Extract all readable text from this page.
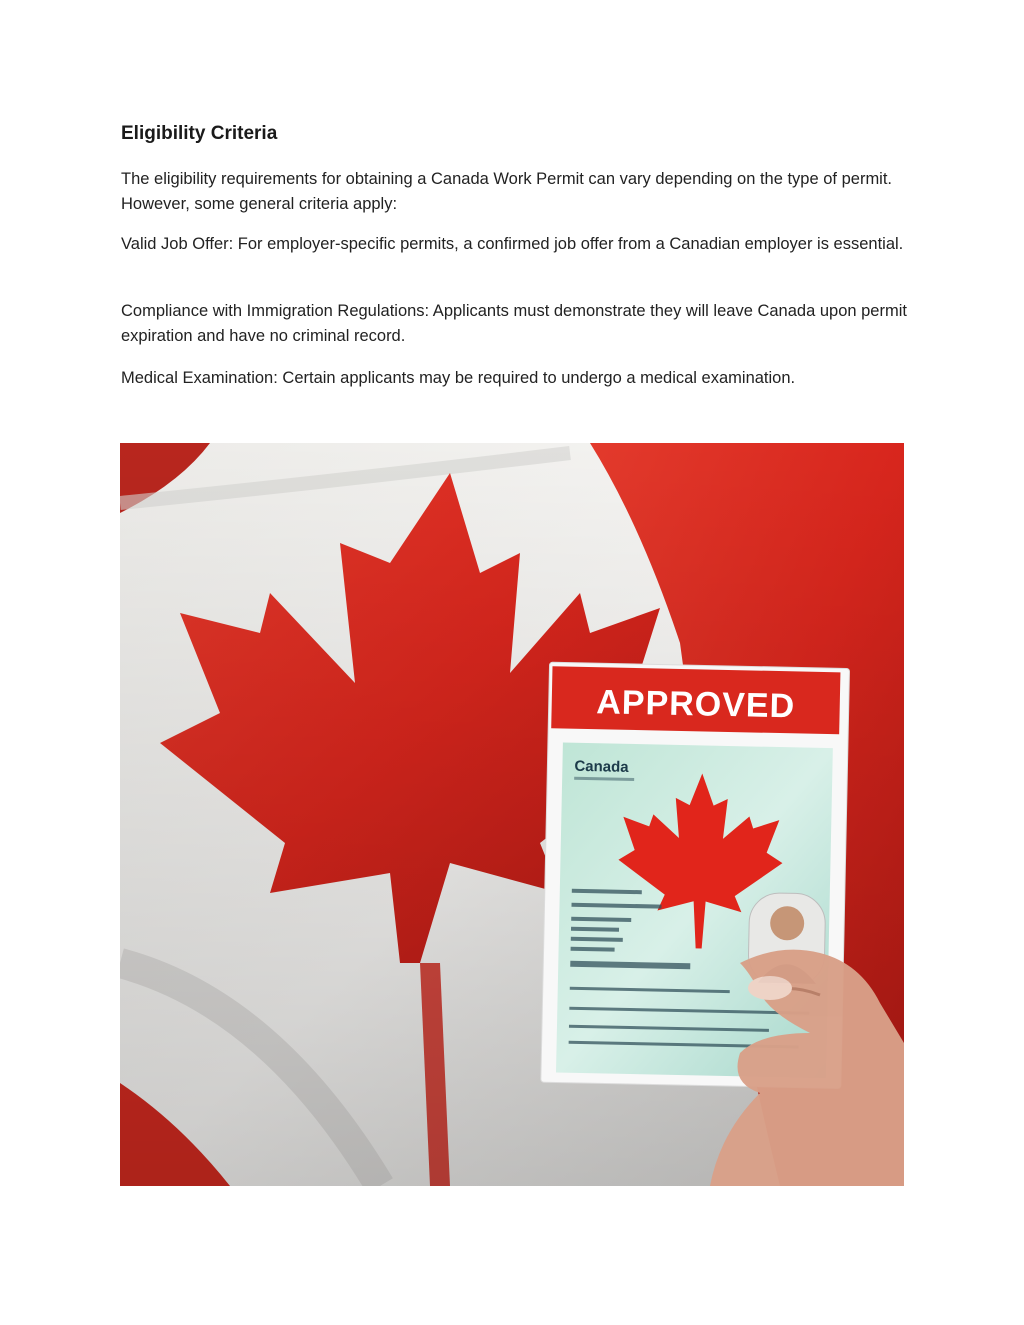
Eligibility Criteria

The eligibility requirements for obtaining a Canada Work Permit can vary depending on the type of permit. However, some general criteria apply:

Valid Job Offer: For employer-specific permits, a confirmed job offer from a Canadian employer is essential.

Compliance with Immigration Regulations: Applicants must demonstrate they will leave Canada upon permit expiration and have no criminal record.

Medical Examination: Certain applicants may be required to undergo a medical examination.

APPROVED
Canada
